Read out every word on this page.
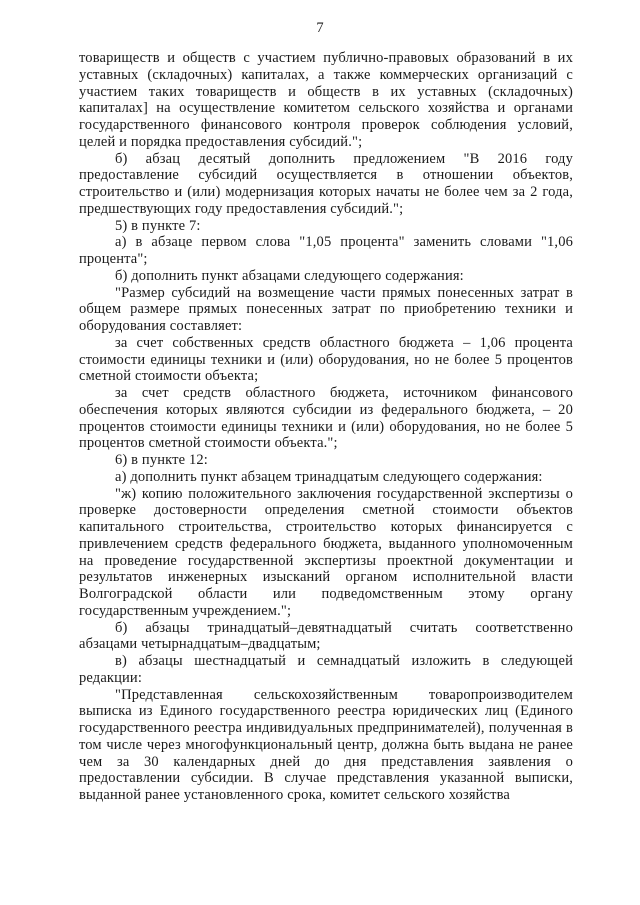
7

товариществ и обществ с участием публично-правовых образований в их уставных (складочных) капиталах, а также коммерческих организаций с участием таких товариществ и обществ в их уставных (складочных) капиталах] на осуществление комитетом сельского хозяйства и органами государственного финансового контроля проверок соблюдения условий, целей и порядка предоставления субсидий.";

б) абзац десятый дополнить предложением "В 2016 году предоставление субсидий осуществляется в отношении объектов, строительство и (или) модернизация которых начаты не более чем за 2 года, предшествующих году предоставления субсидий.";

5) в пункте 7:

а) в абзаце первом слова "1,05 процента" заменить словами "1,06 процента";

б) дополнить пункт абзацами следующего содержания:

"Размер субсидий на возмещение части прямых понесенных затрат в общем размере прямых понесенных затрат по приобретению техники и оборудования составляет:

за счет собственных средств областного бюджета – 1,06 процента стоимости единицы техники и (или) оборудования, но не более 5 процентов сметной стоимости объекта;

за счет средств областного бюджета, источником финансового обеспечения которых являются субсидии из федерального бюджета, – 20 процентов стоимости единицы техники и (или) оборудования, но не более 5 процентов сметной стоимости объекта.";

6) в пункте 12:

а) дополнить пункт абзацем тринадцатым следующего содержания:

"ж) копию положительного заключения государственной экспертизы о проверке достоверности определения сметной стоимости объектов капитального строительства, строительство которых финансируется с привлечением средств федерального бюджета, выданного уполномоченным на проведение государственной экспертизы проектной документации и результатов инженерных изысканий органом исполнительной власти Волгоградской области или подведомственным этому органу государственным учреждением.";

б) абзацы тринадцатый–девятнадцатый считать соответственно абзацами четырнадцатым–двадцатым;

в) абзацы шестнадцатый и семнадцатый изложить в следующей редакции:

"Представленная сельскохозяйственным товаропроизводителем выписка из Единого государственного реестра юридических лиц (Единого государственного реестра индивидуальных предпринимателей), полученная в том числе через многофункциональный центр, должна быть выдана не ранее чем за 30 календарных дней до дня представления заявления о предоставлении субсидии. В случае представления указанной выписки, выданной ранее установленного срока, комитет сельского хозяйства
